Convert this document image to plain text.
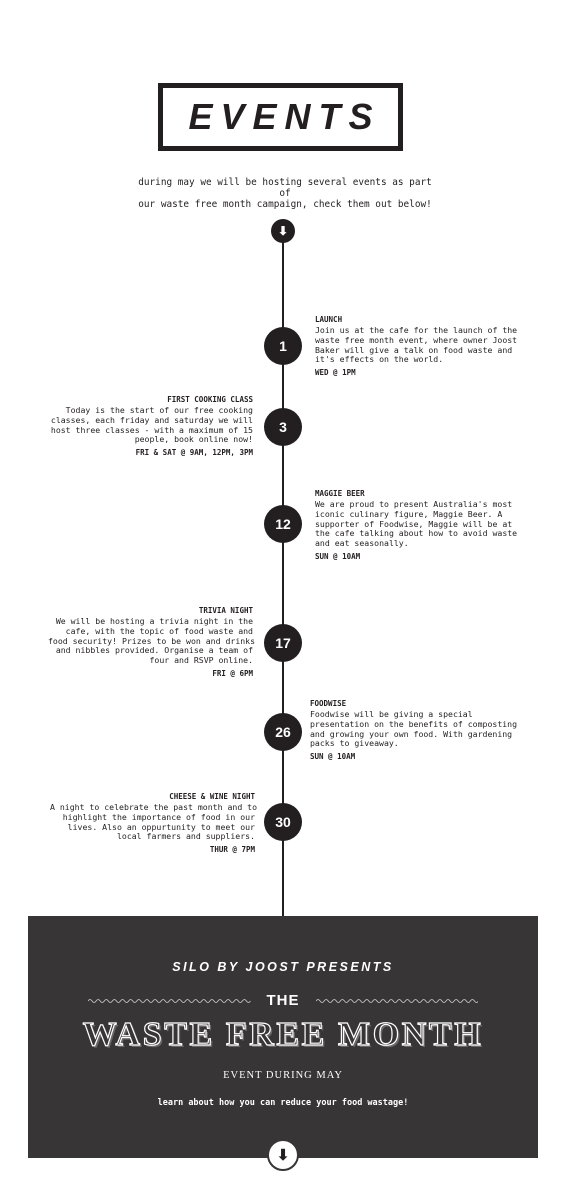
EVENTS
during may we will be hosting several events as part of
our waste free month campaign, check them out below!
⬇
1
LAUNCH
Join us at the cafe for the launch of the
waste free month event, where owner Joost
Baker will give a talk on food waste and
it's effects on the world.
WED @ 1PM
3
FIRST COOKING CLASS
Today is the start of our free cooking
classes, each friday and saturday we will
host three classes - with a maximum of 15
people, book online now!
FRI & SAT @ 9AM, 12PM, 3PM
12
MAGGIE BEER
We are proud to present Australia's most
iconic culinary figure, Maggie Beer. A
supporter of Foodwise, Maggie will be at
the cafe talking about how to avoid waste
and eat seasonally.
SUN @ 10AM
17
TRIVIA NIGHT
We will be hosting a trivia night in the
cafe, with the topic of food waste and
food security! Prizes to be won and drinks
and nibbles provided. Organise a team of
four and RSVP online.
FRI @ 6PM
26
FOODWISE
Foodwise will be giving a special
presentation on the benefits of composting
and growing your own food. With gardening
packs to giveaway.
SUN @ 10AM
30
CHEESE & WINE NIGHT
A night to celebrate the past month and to
highlight the importance of food in our
lives. Also an oppurtunity to meet our
local farmers and suppliers.
THUR @ 7PM
SILO BY JOOST PRESENTS
THE
WASTE FREE MONTH
EVENT DURING MAY
learn about how you can reduce your food wastage!
⬇
